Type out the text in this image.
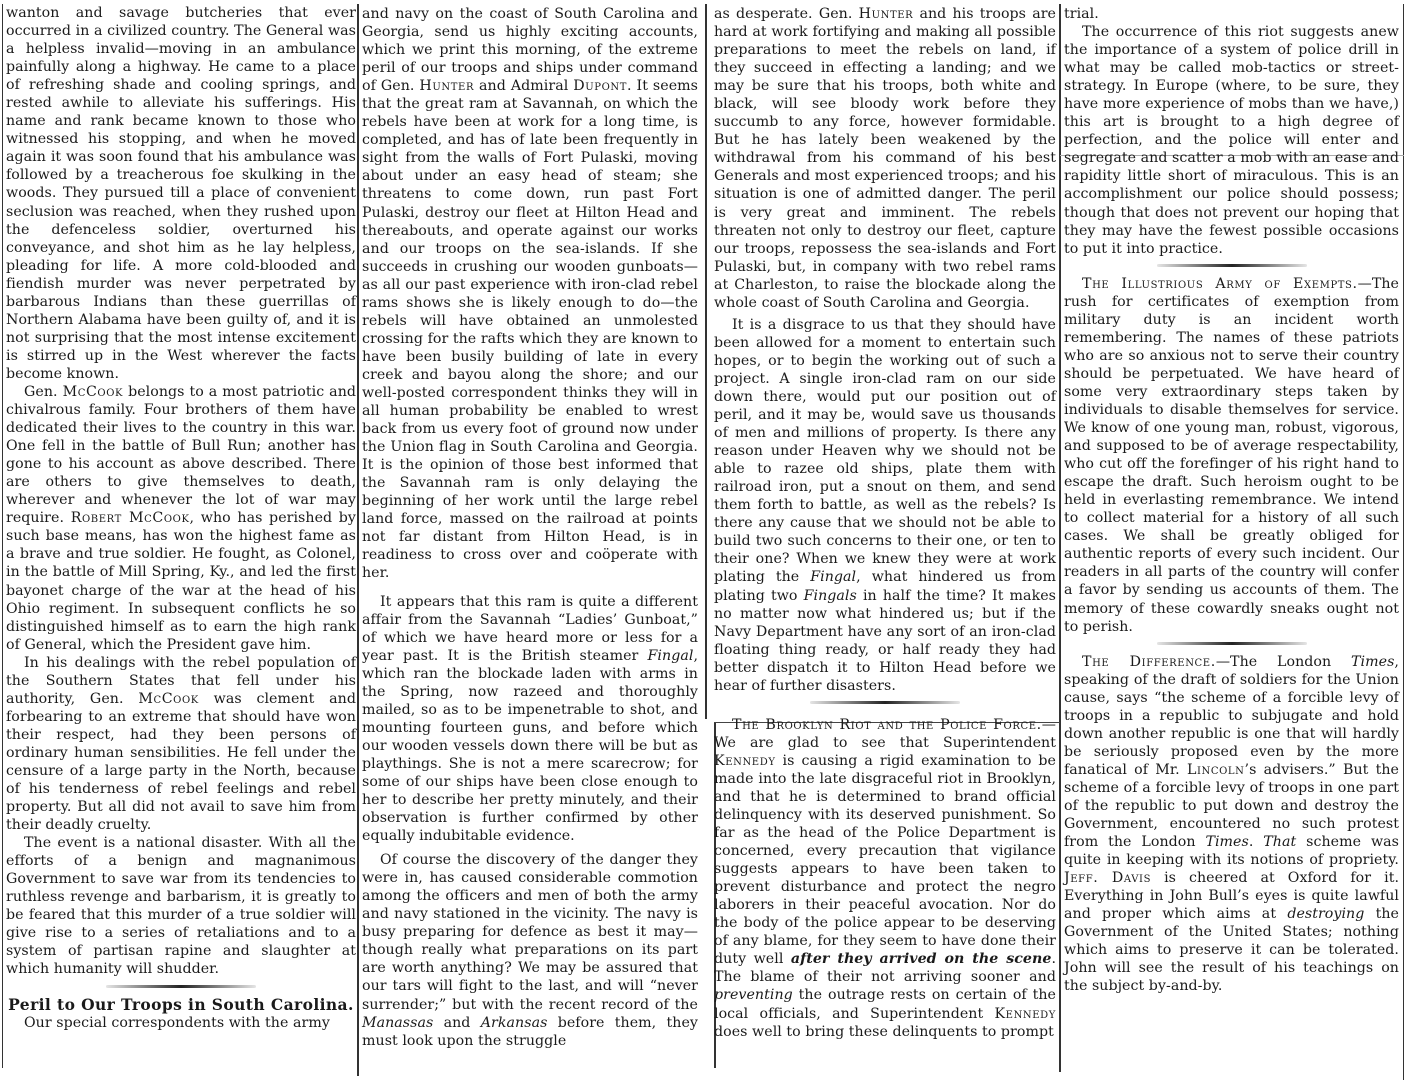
wanton and savage butcheries that ever occurred in a civilized country. The General was a helpless invalid—moving in an ambulance painfully along a highway. He came to a place of refreshing shade and cooling springs, and rested awhile to alleviate his sufferings. His name and rank became known to those who witnessed his stopping, and when he moved again it was soon found that his ambulance was followed by a treacherous foe skulking in the woods. They pursued till a place of convenient seclusion was reached, when they rushed upon the defenceless soldier, overturned his conveyance, and shot him as he lay helpless, pleading for life. A more cold-blooded and fiendish murder was never perpetrated by barbarous Indians than these guerrillas of Northern Alabama have been guilty of, and it is not surprising that the most intense excitement is stirred up in the West wherever the facts become known.

Gen. McCook belongs to a most patriotic and chivalrous family. Four brothers of them have dedicated their lives to the country in this war. One fell in the battle of Bull Run; another has gone to his account as above described. There are others to give themselves to death, wherever and whenever the lot of war may require. Robert McCook, who has perished by such base means, has won the highest fame as a brave and true soldier. He fought, as Colonel, in the battle of Mill Spring, Ky., and led the first bayonet charge of the war at the head of his Ohio regiment. In subsequent conflicts he so distinguished himself as to earn the high rank of General, which the President gave him.

In his dealings with the rebel population of the Southern States that fell under his authority, Gen. McCook was clement and forbearing to an extreme that should have won their respect, had they been persons of ordinary human sensibilities. He fell under the censure of a large party in the North, because of his tenderness of rebel feelings and rebel property. But all did not avail to save him from their deadly cruelty.

The event is a national disaster. With all the efforts of a benign and magnanimous Government to save war from its tendencies to ruthless revenge and barbarism, it is greatly to be feared that this murder of a true soldier will give rise to a series of retaliations and to a system of partisan rapine and slaughter at which humanity will shudder.

Peril to Our Troops in South Carolina.

Our special correspondents with the army

and navy on the coast of South Carolina and Georgia, send us highly exciting accounts, which we print this morning, of the extreme peril of our troops and ships under command of Gen. Hunter and Admiral Dupont. It seems that the great ram at Savannah, on which the rebels have been at work for a long time, is completed, and has of late been frequently in sight from the walls of Fort Pulaski, moving about under an easy head of steam; she threatens to come down, run past Fort Pulaski, destroy our fleet at Hilton Head and thereabouts, and operate against our works and our troops on the sea-islands. If she succeeds in crushing our wooden gunboats—as all our past experience with iron-clad rebel rams shows she is likely enough to do—the rebels will have obtained an unmolested crossing for the rafts which they are known to have been busily building of late in every creek and bayou along the shore; and our well-posted correspondent thinks they will in all human probability be enabled to wrest back from us every foot of ground now under the Union flag in South Carolina and Georgia. It is the opinion of those best informed that the Savannah ram is only delaying the beginning of her work until the large rebel land force, massed on the railroad at points not far distant from Hilton Head, is in readiness to cross over and coöperate with her.

It appears that this ram is quite a different affair from the Savannah “Ladies’ Gunboat,” of which we have heard more or less for a year past. It is the British steamer Fingal, which ran the blockade laden with arms in the Spring, now razeed and thoroughly mailed, so as to be impenetrable to shot, and mounting fourteen guns, and before which our wooden vessels down there will be but as playthings. She is not a mere scarecrow; for some of our ships have been close enough to her to describe her pretty minutely, and their observation is further confirmed by other equally indubitable evidence.

Of course the discovery of the danger they were in, has caused considerable commotion among the officers and men of both the army and navy stationed in the vicinity. The navy is busy preparing for defence as best it may—though really what preparations on its part are worth anything? We may be assured that our tars will fight to the last, and will “never surrender;” but with the recent record of the Manassas and Arkansas before them, they must look upon the struggle

as desperate. Gen. Hunter and his troops are hard at work fortifying and making all possible preparations to meet the rebels on land, if they succeed in effecting a landing; and we may be sure that his troops, both white and black, will see bloody work before they succumb to any force, however formidable. But he has lately been weakened by the withdrawal from his command of his best Generals and most experienced troops; and his situation is one of admitted danger. The peril is very great and imminent. The rebels threaten not only to destroy our fleet, capture our troops, repossess the sea-islands and Fort Pulaski, but, in company with two rebel rams at Charleston, to raise the blockade along the whole coast of South Carolina and Georgia.

It is a disgrace to us that they should have been allowed for a moment to entertain such hopes, or to begin the working out of such a project. A single iron-clad ram on our side down there, would put our position out of peril, and it may be, would save us thousands of men and millions of property. Is there any reason under Heaven why we should not be able to razee old ships, plate them with railroad iron, put a snout on them, and send them forth to battle, as well as the rebels? Is there any cause that we should not be able to build two such concerns to their one, or ten to their one? When we knew they were at work plating the Fingal, what hindered us from plating two Fingals in half the time? It makes no matter now what hindered us; but if the Navy Department have any sort of an iron-clad floating thing ready, or half ready they had better dispatch it to Hilton Head before we hear of further disasters.

The Brooklyn Riot and the Police Force.—We are glad to see that Superintendent Kennedy is causing a rigid examination to be made into the late disgraceful riot in Brooklyn, and that he is determined to brand official delinquency with its deserved punishment. So far as the head of the Police Department is concerned, every precaution that vigilance suggests appears to have been taken to prevent disturbance and protect the negro laborers in their peaceful avocation. Nor do the body of the police appear to be deserving of any blame, for they seem to have done their duty well after they arrived on the scene. The blame of their not arriving sooner and preventing the outrage rests on certain of the local officials, and Superintendent Kennedy does well to bring these delinquents to prompt

trial.

The occurrence of this riot suggests anew the importance of a system of police drill in what may be called mob-tactics or street-strategy. In Europe (where, to be sure, they have more experience of mobs than we have,) this art is brought to a high degree of perfection, and the police will enter and segregate and scatter a mob with an ease and rapidity little short of miraculous. This is an accomplishment our police should possess; though that does not prevent our hoping that they may have the fewest possible occasions to put it into practice.

The Illustrious Army of Exempts.—The rush for certificates of exemption from military duty is an incident worth remembering. The names of these patriots who are so anxious not to serve their country should be perpetuated. We have heard of some very extraordinary steps taken by individuals to disable themselves for service. We know of one young man, robust, vigorous, and supposed to be of average respectability, who cut off the forefinger of his right hand to escape the draft. Such heroism ought to be held in everlasting remembrance. We intend to collect material for a history of all such cases. We shall be greatly obliged for authentic reports of every such incident. Our readers in all parts of the country will confer a favor by sending us accounts of them. The memory of these cowardly sneaks ought not to perish.

The Difference.—The London Times, speaking of the draft of soldiers for the Union cause, says “the scheme of a forcible levy of troops in a republic to subjugate and hold down another republic is one that will hardly be seriously proposed even by the more fanatical of Mr. Lincoln’s advisers.” But the scheme of a forcible levy of troops in one part of the republic to put down and destroy the Government, encountered no such protest from the London Times. That scheme was quite in keeping with its notions of propriety. Jeff. Davis is cheered at Oxford for it. Everything in John Bull’s eyes is quite lawful and proper which aims at destroying the Government of the United States; nothing which aims to preserve it can be tolerated. John will see the result of his teachings on the subject by-and-by.
